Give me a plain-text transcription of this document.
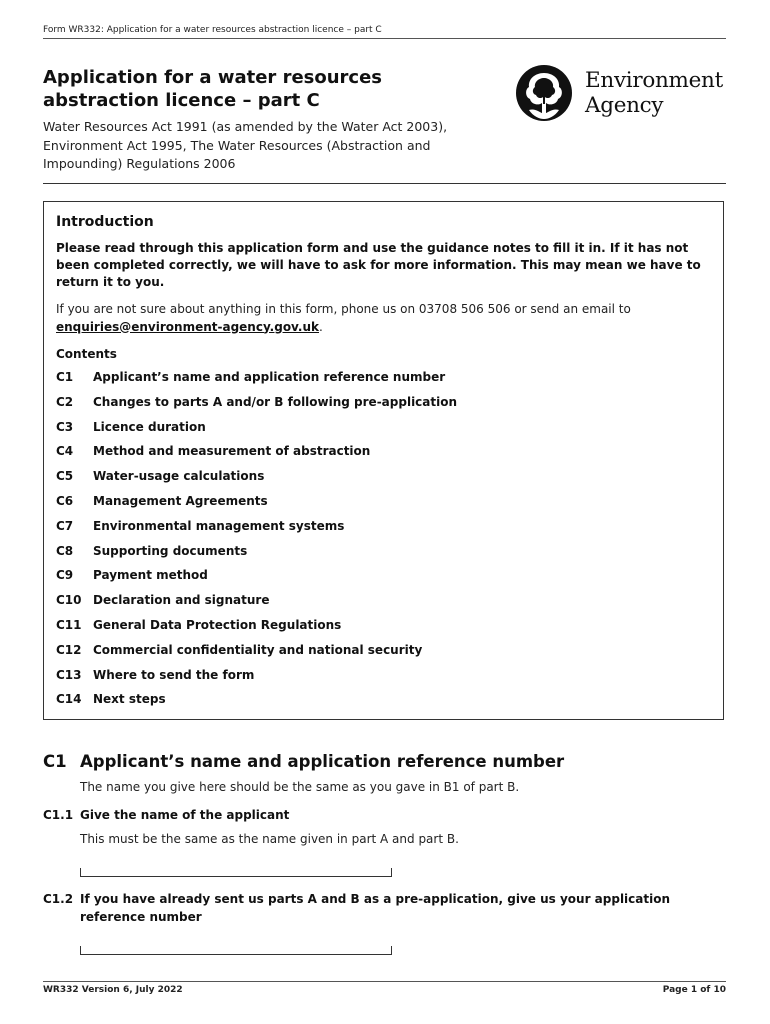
Form WR332: Application for a water resources abstraction licence – part C
Application for a water resources abstraction licence – part C
Water Resources Act 1991 (as amended by the Water Act 2003), Environment Act 1995, The Water Resources (Abstraction and Impounding) Regulations 2006
Environment
Agency
Introduction
Please read through this application form and use the guidance notes to fill it in. If it has not been completed correctly, we will have to ask for more information. This may mean we have to return it to you.
If you are not sure about anything in this form, phone us on 03708 506 506 or send an email to enquiries@environment-agency.gov.uk.
Contents
C1	Applicant’s name and application reference number
C2	Changes to parts A and/or B following pre-application
C3	Licence duration
C4	Method and measurement of abstraction
C5	Water-usage calculations
C6	Management Agreements
C7	Environmental management systems
C8	Supporting documents
C9	Payment method
C10 Declaration and signature
C11 General Data Protection Regulations
C12 Commercial confidentiality and national security
C13 Where to send the form
C14 Next steps
C1 Applicant’s name and application reference number
The name you give here should be the same as you gave in B1 of part B.
C1.1 Give the name of the applicant
This must be the same as the name given in part A and part B.
C1.2 If you have already sent us parts A and B as a pre-application, give us your application reference number
WR332 Version 6, July 2022	Page 1 of 10
